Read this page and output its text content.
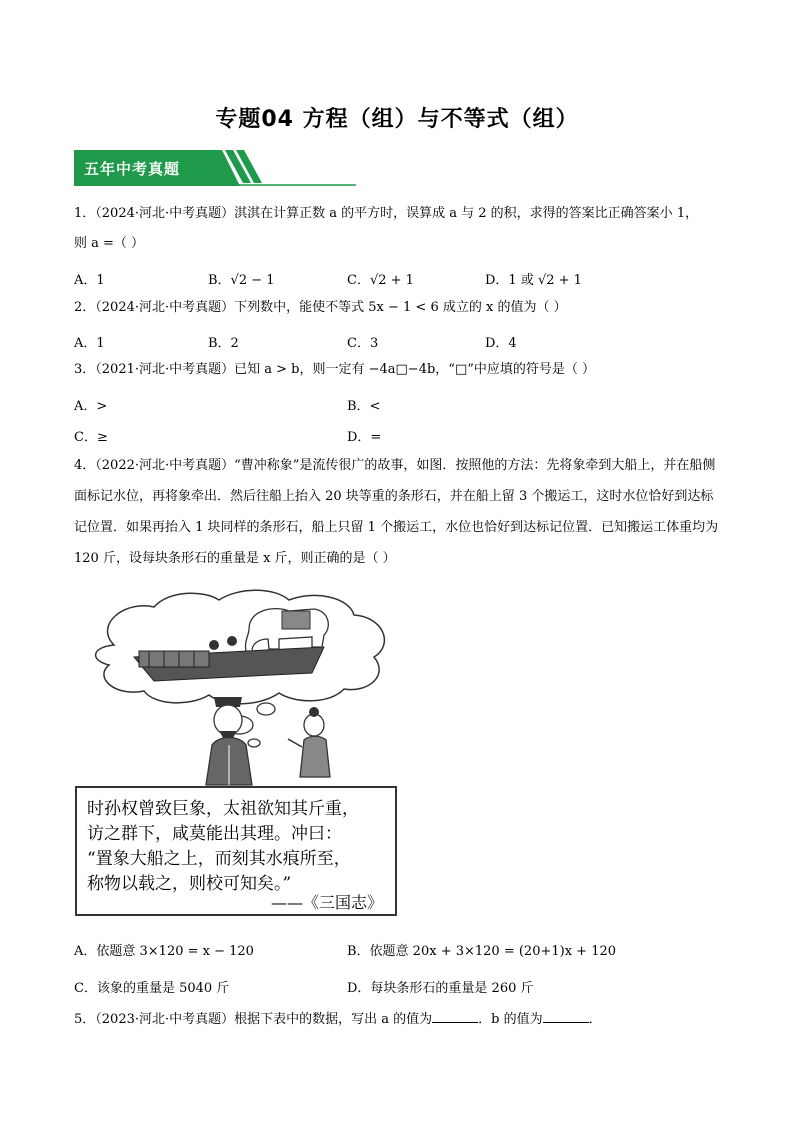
专题04 方程（组）与不等式（组）
五年中考真题
1．（2024·河北·中考真题）淇淇在计算正数 a 的平方时，误算成 a 与 2 的积，求得的答案比正确答案小 1，
则 a =（ ）
A．1	B．√2 − 1	C．√2 + 1	D．1 或 √2 + 1
2．（2024·河北·中考真题）下列数中，能使不等式 5x − 1 < 6 成立的 x 的值为（ ）
A．1	B．2	C．3	D．4
3．（2021·河北·中考真题）已知 a > b，则一定有 −4a□−4b，“□”中应填的符号是（ ）
A．>	B．<
C．≥	D．=
4．（2022·河北·中考真题）“曹冲称象”是流传很广的故事，如图．按照他的方法：先将象牵到大船上，并在船侧面标记水位，再将象牵出．然后往船上抬入 20 块等重的条形石，并在船上留 3 个搬运工，这时水位恰好到达标记位置．如果再抬入 1 块同样的条形石，船上只留 1 个搬运工，水位也恰好到达标记位置．已知搬运工体重均为 120 斤，设每块条形石的重量是 x 斤，则正确的是（ ）
时孙权曾致巨象，太祖欲知其斤重，
访之群下，咸莫能出其理。冲曰：
“置象大船之上，而刻其水痕所至，
称物以载之，则校可知矣。”
——《三国志》
A．依题意 3×120 = x − 120	B．依题意 20x + 3×120 = (20+1)x + 120
C．该象的重量是 5040 斤	D．每块条形石的重量是 260 斤
5．（2023·河北·中考真题）根据下表中的数据，写出 a 的值为	．b 的值为	．
